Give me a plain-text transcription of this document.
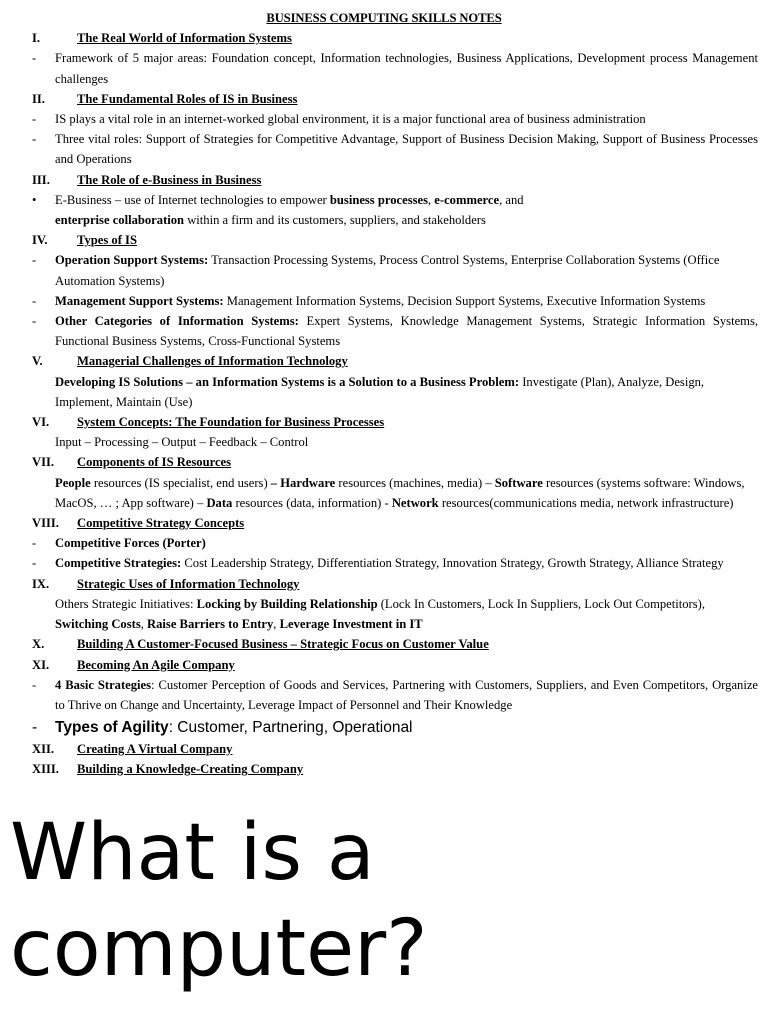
BUSINESS COMPUTING SKILLS NOTES
I.	The Real World of Information Systems
- Framework of 5 major areas: Foundation concept, Information technologies, Business Applications, Development process Management challenges
II.	The Fundamental Roles of IS in Business
- IS plays a vital role in an internet-worked global environment, it is a major functional area of business administration
- Three vital roles: Support of Strategies for Competitive Advantage, Support of Business Decision Making, Support of Business Processes and Operations
III. The Role of e-Business in Business
• E-Business – use of Internet technologies to empower business processes, e-commerce, and
enterprise collaboration within a firm and its customers, suppliers, and stakeholders
IV. Types of IS
- Operation Support Systems: Transaction Processing Systems, Process Control Systems, Enterprise Collaboration Systems (Office Automation Systems)
- Management Support Systems: Management Information Systems, Decision Support Systems, Executive Information Systems
- Other Categories of Information Systems: Expert Systems, Knowledge Management Systems, Strategic Information Systems, Functional Business Systems, Cross-Functional Systems
V.	Managerial Challenges of Information Technology
Developing IS Solutions – an Information Systems is a Solution to a Business Problem: Investigate (Plan), Analyze, Design, Implement, Maintain (Use)
VI. System Concepts: The Foundation for Business Processes
Input – Processing – Output – Feedback – Control
VII. Components of IS Resources
People resources (IS specialist, end users) – Hardware resources (machines, media) – Software resources (systems software: Windows, MacOS, … ; App software) – Data resources (data, information) - Network resources(communications media, network infrastructure)
VIII. Competitive Strategy Concepts
- Competitive Forces (Porter)
- Competitive Strategies: Cost Leadership Strategy, Differentiation Strategy, Innovation Strategy, Growth Strategy, Alliance Strategy
IX. Strategic Uses of Information Technology
Others Strategic Initiatives: Locking by Building Relationship (Lock In Customers, Lock In Suppliers, Lock Out Competitors), Switching Costs, Raise Barriers to Entry, Leverage Investment in IT
X.	Building A Customer-Focused Business – Strategic Focus on Customer Value
XI. Becoming An Agile Company
- 4 Basic Strategies: Customer Perception of Goods and Services, Partnering with Customers, Suppliers, and Even Competitors, Organize to Thrive on Change and Uncertainty, Leverage Impact of Personnel and Their Knowledge
- Types of Agility: Customer, Partnering, Operational
XII. Creating A Virtual Company
XIII. Building a Knowledge-Creating Company
What is a
computer?
